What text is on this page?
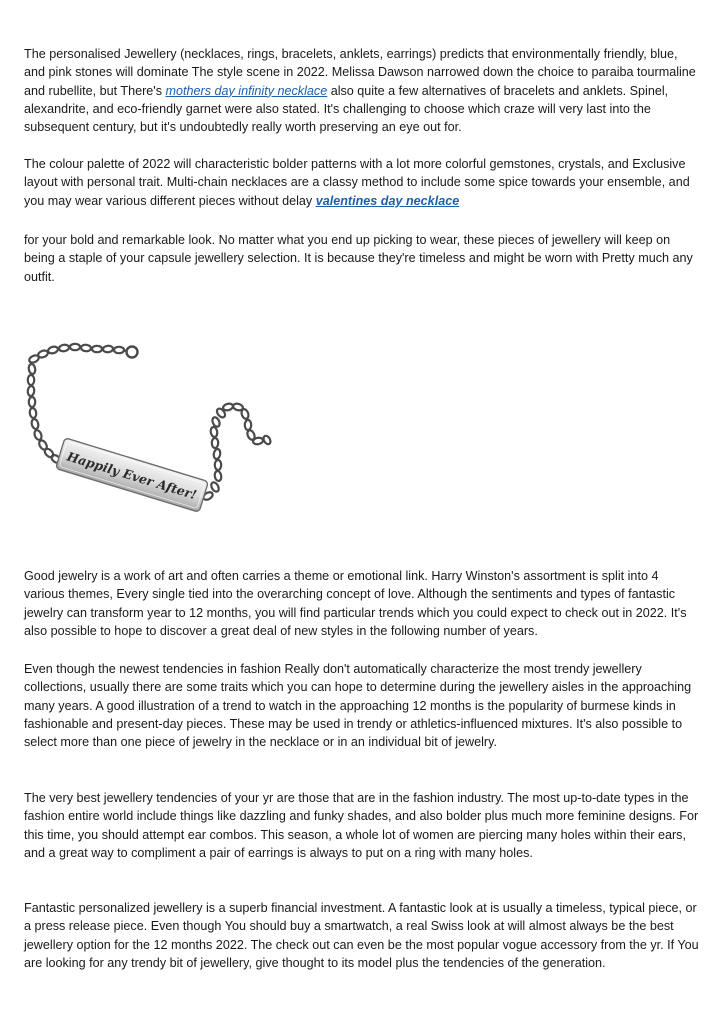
The personalised Jewellery (necklaces, rings, bracelets, anklets, earrings) predicts that environmentally friendly, blue, and pink stones will dominate The style scene in 2022. Melissa Dawson narrowed down the choice to paraiba tourmaline and rubellite, but There's mothers day infinity necklace also quite a few alternatives of bracelets and anklets. Spinel, alexandrite, and eco-friendly garnet were also stated. It's challenging to choose which craze will very last into the subsequent century, but it's undoubtedly really worth preserving an eye out for.

The colour palette of 2022 will characteristic bolder patterns with a lot more colorful gemstones, crystals, and Exclusive layout with personal trait. Multi-chain necklaces are a classy method to include some spice towards your ensemble, and you may wear various different pieces without delay valentines day necklace

for your bold and remarkable look. No matter what you end up picking to wear, these pieces of jewellery will keep on being a staple of your capsule jewellery selection. It is because they're timeless and might be worn with Pretty much any outfit.

Happily Ever After!

Good jewelry is a work of art and often carries a theme or emotional link. Harry Winston's assortment is split into 4 various themes, Every single tied into the overarching concept of love. Although the sentiments and types of fantastic jewelry can transform year to 12 months, you will find particular trends which you could expect to check out in 2022. It's also possible to hope to discover a great deal of new styles in the following number of years.

Even though the newest tendencies in fashion Really don't automatically characterize the most trendy jewellery collections, usually there are some traits which you can hope to determine during the jewellery aisles in the approaching many years. A good illustration of a trend to watch in the approaching 12 months is the popularity of burmese kinds in fashionable and present-day pieces. These may be used in trendy or athletics-influenced mixtures. It's also possible to select more than one piece of jewelry in the necklace or in an individual bit of jewelry.

The very best jewellery tendencies of your yr are those that are in the fashion industry. The most up-to-date types in the fashion entire world include things like dazzling and funky shades, and also bolder plus much more feminine designs. For this time, you should attempt ear combos. This season, a whole lot of women are piercing many holes within their ears, and a great way to compliment a pair of earrings is always to put on a ring with many holes.

Fantastic personalized jewellery is a superb financial investment. A fantastic look at is usually a timeless, typical piece, or a press release piece. Even though You should buy a smartwatch, a real Swiss look at will almost always be the best jewellery option for the 12 months 2022. The check out can even be the most popular vogue accessory from the yr. If You are looking for any trendy bit of jewellery, give thought to its model plus the tendencies of the generation.
